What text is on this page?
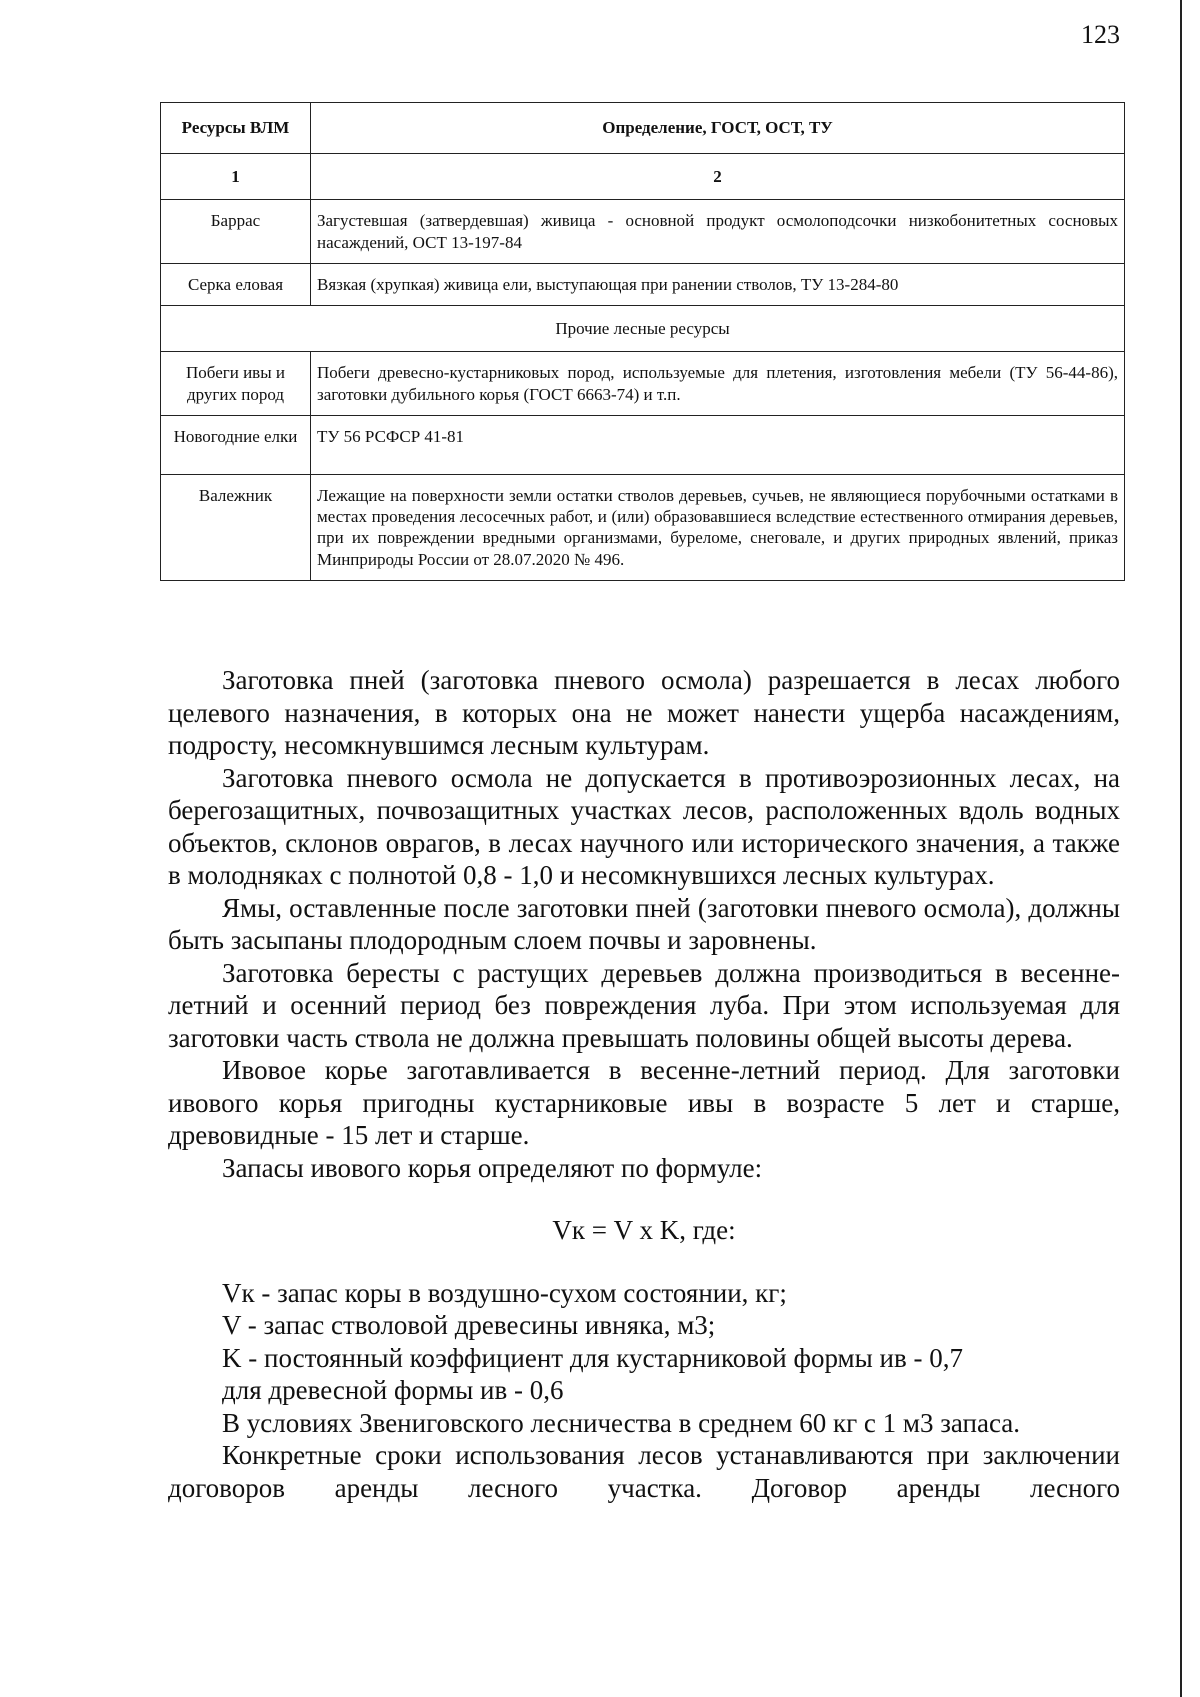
123
Ресурсы ВЛМ	Определение, ГОСТ, ОСТ, ТУ
1	2
Баррас	Загустевшая (затвердевшая) живица - основной продукт осмолоподсочки низкобонитетных сосновых насаждений, ОСТ 13-197-84
Серка еловая	Вязкая (хрупкая) живица ели, выступающая при ранении стволов, ТУ 13-284-80
Прочие лесные ресурсы	
Побеги ивы и других пород	Побеги древесно-кустарниковых пород, используемые для плетения, изготовления мебели (ТУ 56-44-86), заготовки дубильного корья (ГОСТ 6663-74) и т.п.
Новогодние елки	ТУ 56 РСФСР 41-81
Валежник	Лежащие на поверхности земли остатки стволов деревьев, сучьев, не являющиеся порубочными остатками в местах проведения лесосечных работ, и (или) образовавшиеся вследствие естественного отмирания деревьев, при их повреждении вредными организмами, буреломе, снеговале, и других природных явлений, приказ Минприроды России от 28.07.2020 № 496.

Заготовка пней (заготовка пневого осмола) разрешается в лесах любого целевого назначения, в которых она не может нанести ущерба насаждениям, подросту, несомкнувшимся лесным культурам.

Заготовка пневого осмола не допускается в противоэрозионных лесах, на берегозащитных, почвозащитных участках лесов, расположенных вдоль водных объектов, склонов оврагов, в лесах научного или исторического значения, а также в молодняках с полнотой 0,8 - 1,0 и несомкнувшихся лесных культурах.

Ямы, оставленные после заготовки пней (заготовки пневого осмола), должны быть засыпаны плодородным слоем почвы и заровнены.

Заготовка бересты с растущих деревьев должна производиться в весенне-летний и осенний период без повреждения луба. При этом используемая для заготовки часть ствола не должна превышать половины общей высоты дерева.

Ивовое корье заготавливается в весенне-летний период. Для заготовки ивового корья пригодны кустарниковые ивы в возрасте 5 лет и старше, древовидные - 15 лет и старше.

Запасы ивового корья определяют по формуле:

Vк = V x K, где:

Vк - запас коры в воздушно-сухом состоянии, кг;

V - запас стволовой древесины ивняка, м3;

K - постоянный коэффициент для кустарниковой формы ив - 0,7

для древесной формы ив - 0,6

В условиях Звениговского лесничества в среднем 60 кг с 1 м3 запаса.

Конкретные сроки использования лесов устанавливаются при заключении договоров аренды лесного участка. Договор аренды лесного
